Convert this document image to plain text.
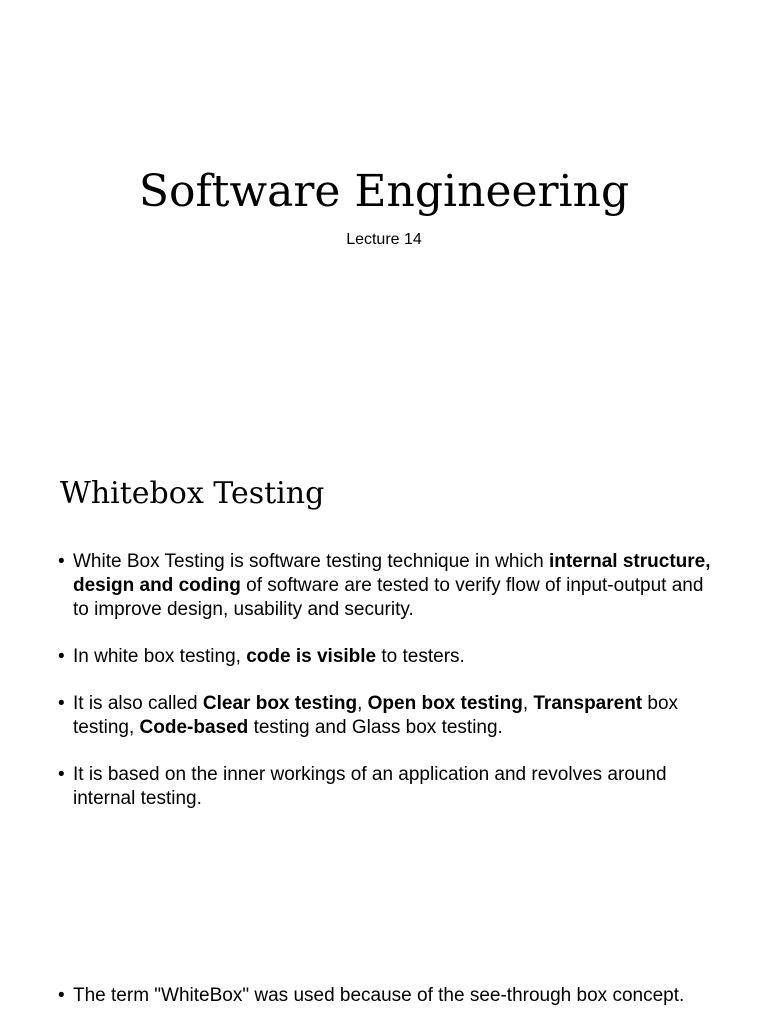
Software Engineering
Lecture 14
Whitebox Testing
• White Box Testing is software testing technique in which internal structure, design and coding of software are tested to verify flow of input-output and to improve design, usability and security.
• In white box testing, code is visible to testers.
• It is also called Clear box testing, Open box testing, Transparent box testing, Code-based testing and Glass box testing.
• It is based on the inner workings of an application and revolves around internal testing.
• The term "WhiteBox" was used because of the see-through box concept.
